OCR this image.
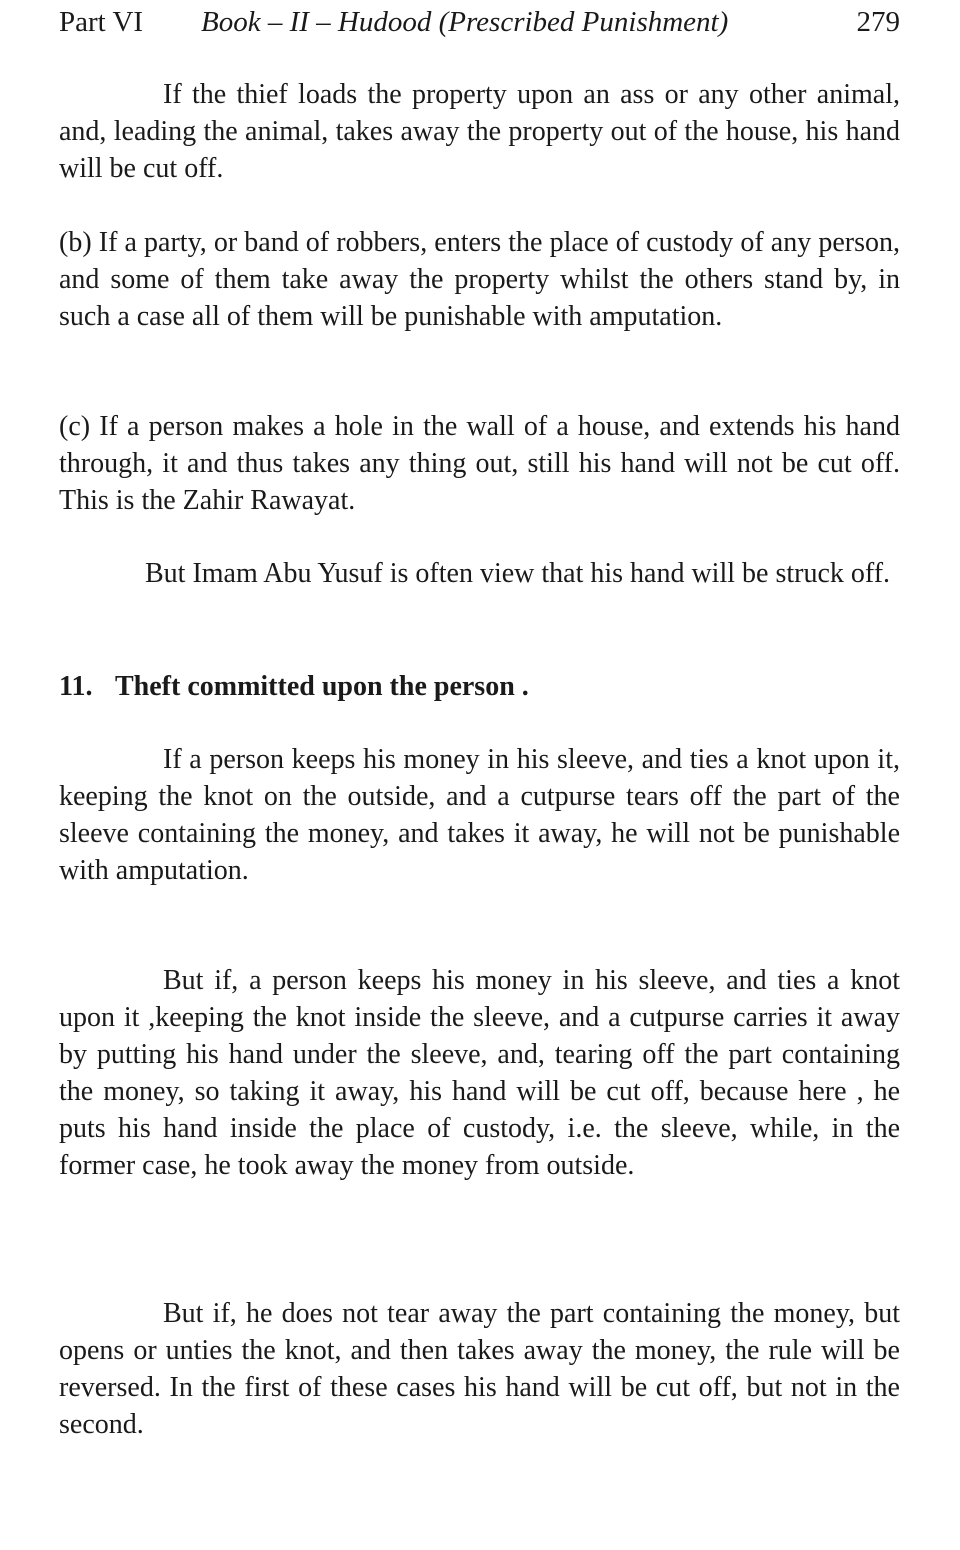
Part VI Book – II – Hudood (Prescribed Punishment)	279

If the thief loads the property upon an ass or any other animal, and, leading the animal, takes away the property out of the house, his hand will be cut off.

(b) If a party, or band of robbers, enters the place of custody of any person, and some of them take away the property whilst the others stand by, in such a case all of them will be punishable with amputation.

(c) If a person makes a hole in the wall of a house, and extends his hand through, it and thus takes any thing out, still his hand will not be cut off. This is the Zahir Rawayat.

But Imam Abu Yusuf is often view that his hand will be struck off.

11. Theft committed upon the person .

If a person keeps his money in his sleeve, and ties a knot upon it, keeping the knot on the outside, and a cutpurse tears off the part of the sleeve containing the money, and takes it away, he will not be punishable with amputation.

But if, a person keeps his money in his sleeve, and ties a knot upon it ,keeping the knot inside the sleeve, and a cutpurse carries it away by putting his hand under the sleeve, and, tearing off the part containing the money, so taking it away, his hand will be cut off, because here , he puts his hand inside the place of custody, i.e. the sleeve, while, in the former case, he took away the money from outside.

But if, he does not tear away the part containing the money, but opens or unties the knot, and then takes away the money, the rule will be reversed. In the first of these cases his hand will be cut off, but not in the second.
